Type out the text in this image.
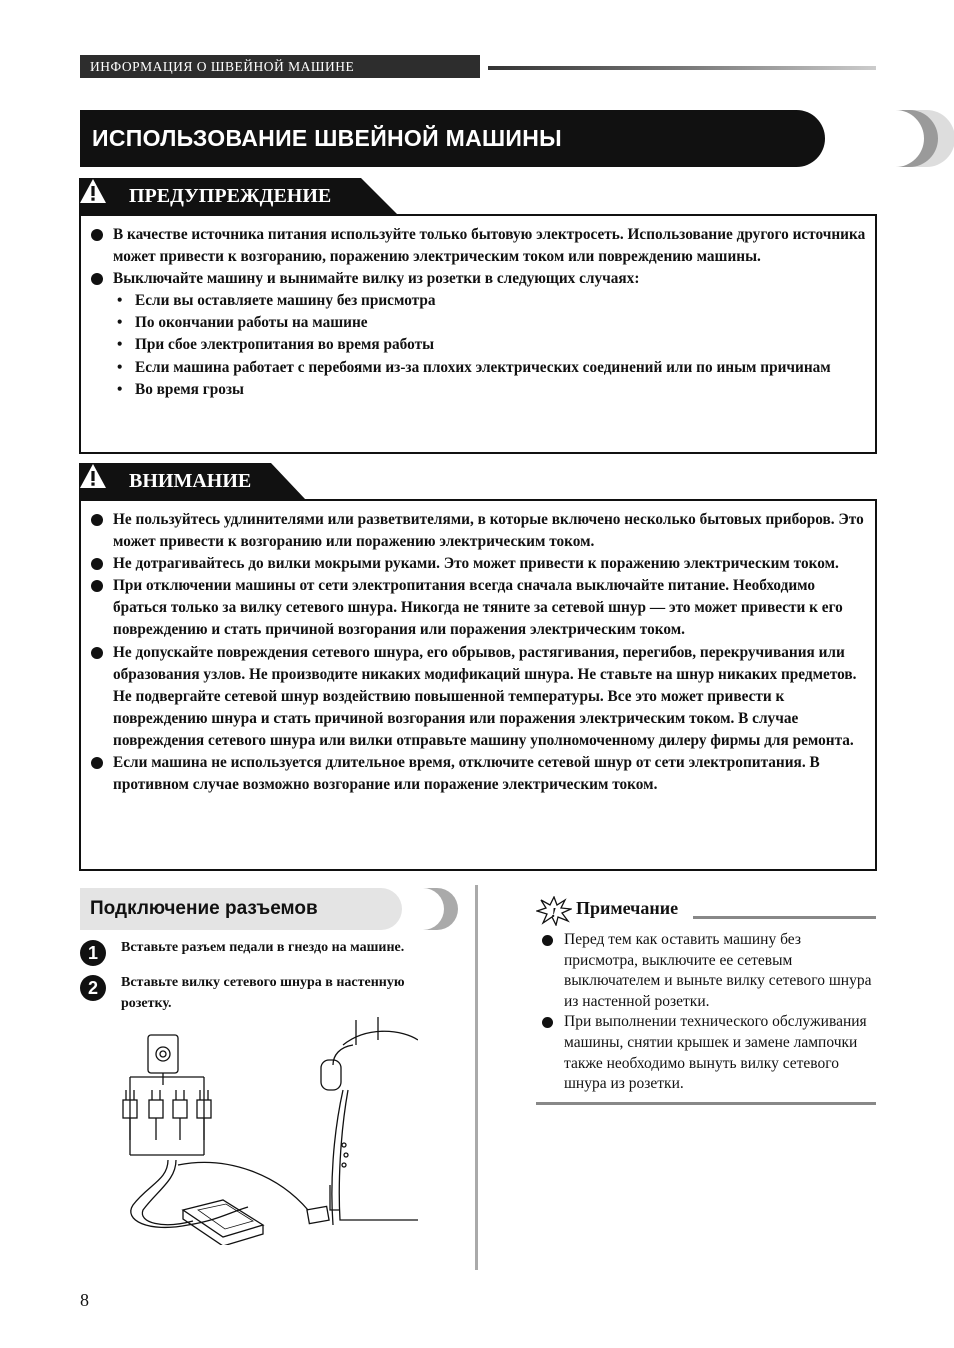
ИНФОРМАЦИЯ О ШВЕЙНОЙ МАШИНЕ
ИСПОЛЬЗОВАНИЕ ШВЕЙНОЙ МАШИНЫ
ПРЕДУПРЕЖДЕНИЕ
В качестве источника питания используйте только бытовую электросеть. Использование другого источника может привести к возгоранию, поражению электрическим током или повреждению машины.
Выключайте машину и вынимайте вилку из розетки в следующих случаях:
• Если вы оставляете машину без присмотра
• По окончании работы на машине
• При сбое электропитания во время работы
• Если машина работает с перебоями из-за плохих электрических соединений или по иным причинам
• Во время грозы
ВНИМАНИЕ
Не пользуйтесь удлинителями или разветвителями, в которые включено несколько бытовых приборов. Это может привести к возгоранию или поражению электрическим током.
Не дотрагивайтесь до вилки мокрыми руками. Это может привести к поражению электрическим током.
При отключении машины от сети электропитания всегда сначала выключайте питание. Необходимо браться только за вилку сетевого шнура. Никогда не тяните за сетевой шнур — это может привести к его повреждению и стать причиной возгорания или поражения электрическим током.
Не допускайте повреждения сетевого шнура, его обрывов, растягивания, перегибов, перекручивания или образования узлов. Не производите никаких модификаций шнура. Не ставьте на шнур никаких предметов. Не подвергайте сетевой шнур воздействию повышенной температуры. Все это может привести к повреждению шнура и стать причиной возгорания или поражения электрическим током. В случае повреждения сетевого шнура или вилки отправьте машину уполномоченному дилеру фирмы для ремонта.
Если машина не используется длительное время, отключите сетевой шнур от сети электропитания. В противном случае возможно возгорание или поражение электрическим током.
Подключение разъемов
1	Вставьте разъем педали в гнездо на машине.
2	Вставьте вилку сетевого шнура в настенную розетку.
! Примечание
Перед тем как оставить машину без присмотра, выключите ее сетевым выключателем и выньте вилку сетевого шнура из настенной розетки.
При выполнении технического обслуживания машины, снятии крышек и замене лампочки также необходимо вынуть вилку сетевого шнура из розетки.
8
